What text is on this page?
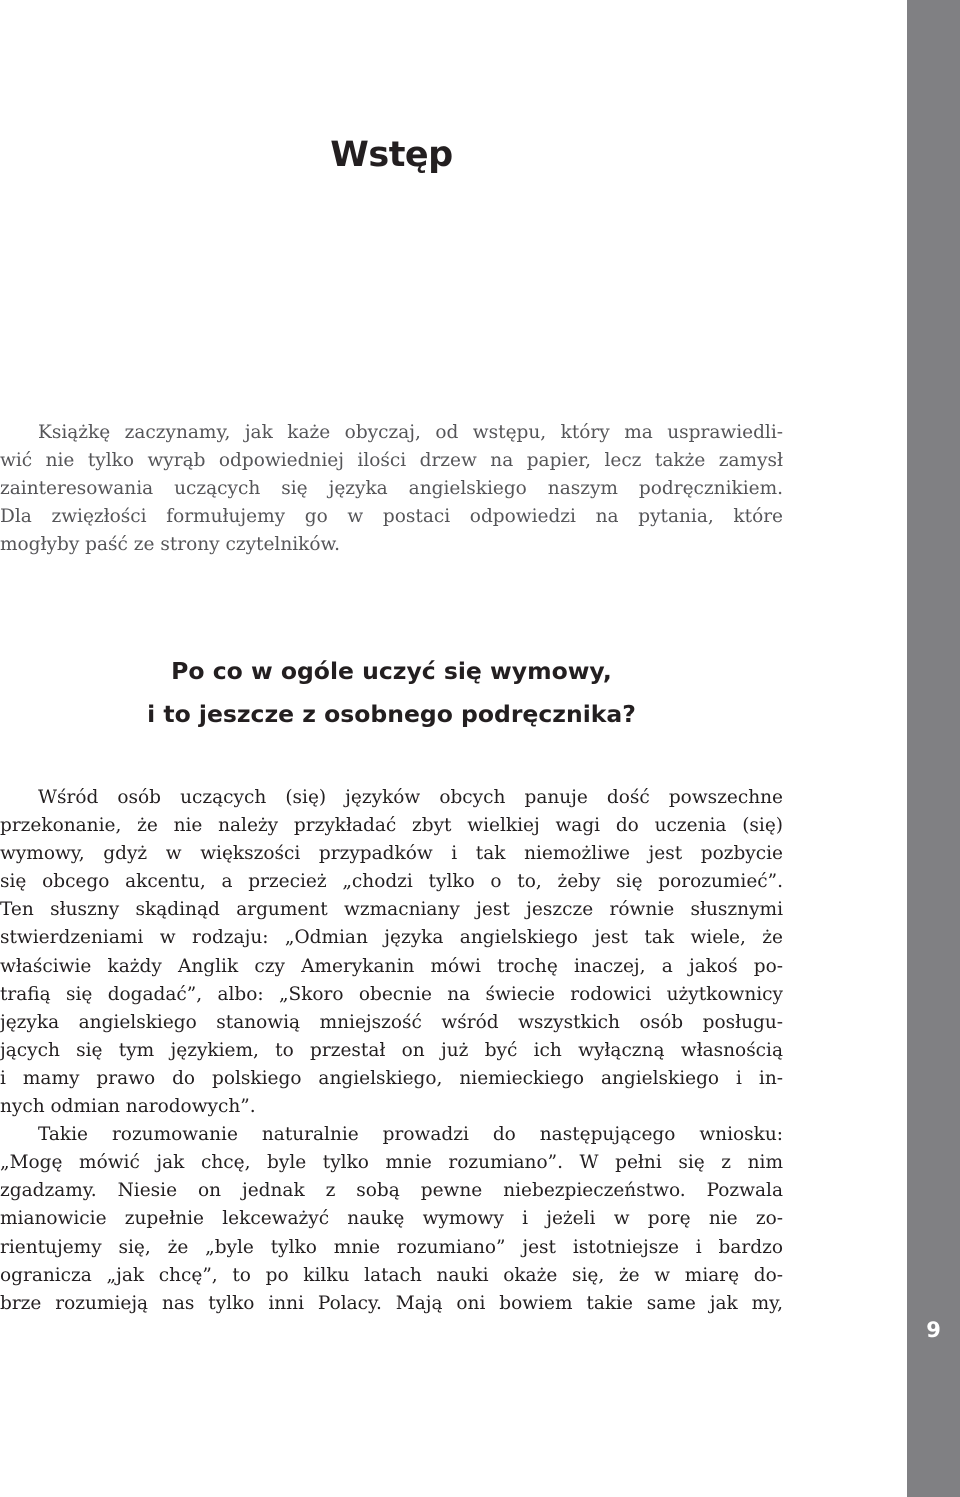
Wstęp
Książkę zaczynamy, jak każe obyczaj, od wstępu, który ma usprawiedli-
wić nie tylko wyrąb odpowiedniej ilości drzew na papier, lecz także zamysł
zainteresowania uczących się języka angielskiego naszym podręcznikiem.
Dla zwięzłości formułujemy go w postaci odpowiedzi na pytania, które
mogłyby paść ze strony czytelników.
Po co w ogóle uczyć się wymowy,
i to jeszcze z osobnego podręcznika?
Wśród osób uczących (się) języków obcych panuje dość powszechne
przekonanie, że nie należy przykładać zbyt wielkiej wagi do uczenia (się)
wymowy, gdyż w większości przypadków i tak niemożliwe jest pozbycie
się obcego akcentu, a przecież „chodzi tylko o to, żeby się porozumieć”.
Ten słuszny skądinąd argument wzmacniany jest jeszcze równie słusznymi
stwierdzeniami w rodzaju: „Odmian języka angielskiego jest tak wiele, że
właściwie każdy Anglik czy Amerykanin mówi trochę inaczej, a jakoś po-
trafią się dogadać”, albo: „Skoro obecnie na świecie rodowici użytkownicy
języka angielskiego stanowią mniejszość wśród wszystkich osób posługu-
jących się tym językiem, to przestał on już być ich wyłączną własnością
i mamy prawo do polskiego angielskiego, niemieckiego angielskiego i in-
nych odmian narodowych”.
Takie rozumowanie naturalnie prowadzi do następującego wniosku:
„Mogę mówić jak chcę, byle tylko mnie rozumiano”. W pełni się z nim
zgadzamy. Niesie on jednak z sobą pewne niebezpieczeństwo. Pozwala
mianowicie zupełnie lekceważyć naukę wymowy i jeżeli w porę nie zo-
rientujemy się, że „byle tylko mnie rozumiano” jest istotniejsze i bardzo
ogranicza „jak chcę”, to po kilku latach nauki okaże się, że w miarę do-
brze rozumieją nas tylko inni Polacy. Mają oni bowiem takie same jak my,
9
